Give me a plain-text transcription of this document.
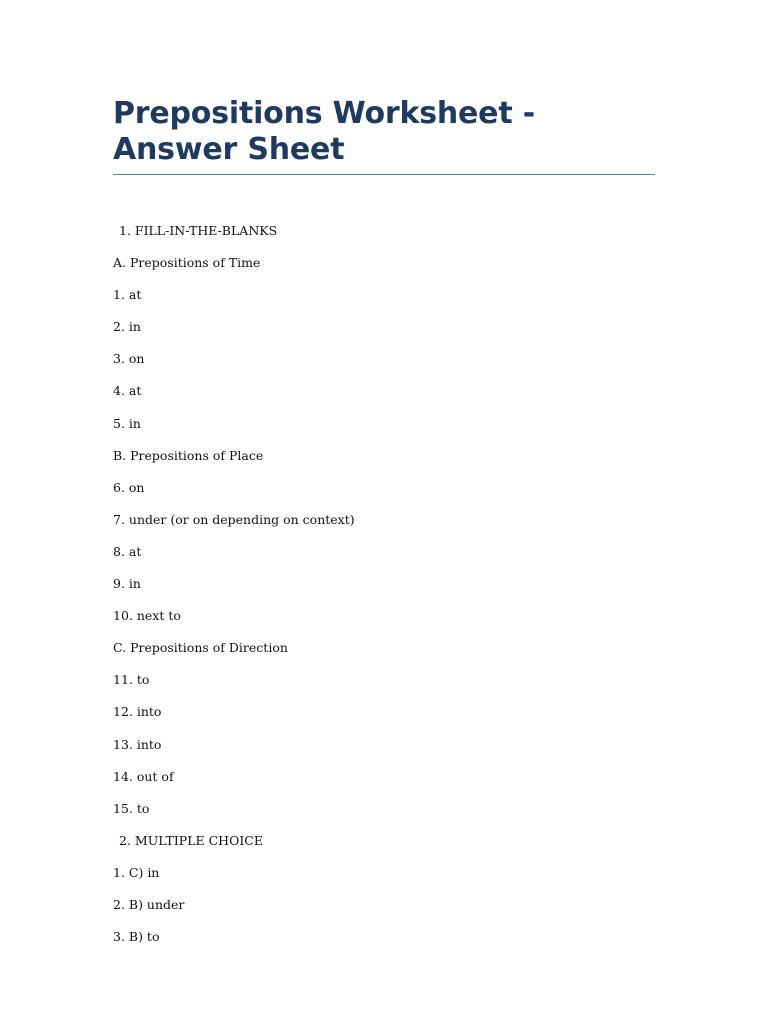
Prepositions Worksheet - Answer Sheet
1. FILL-IN-THE-BLANKS
A. Prepositions of Time
1. at
2. in
3. on
4. at
5. in
B. Prepositions of Place
6. on
7. under (or on depending on context)
8. at
9. in
10. next to
C. Prepositions of Direction
11. to
12. into
13. into
14. out of
15. to
2. MULTIPLE CHOICE
1. C) in
2. B) under
3. B) to
